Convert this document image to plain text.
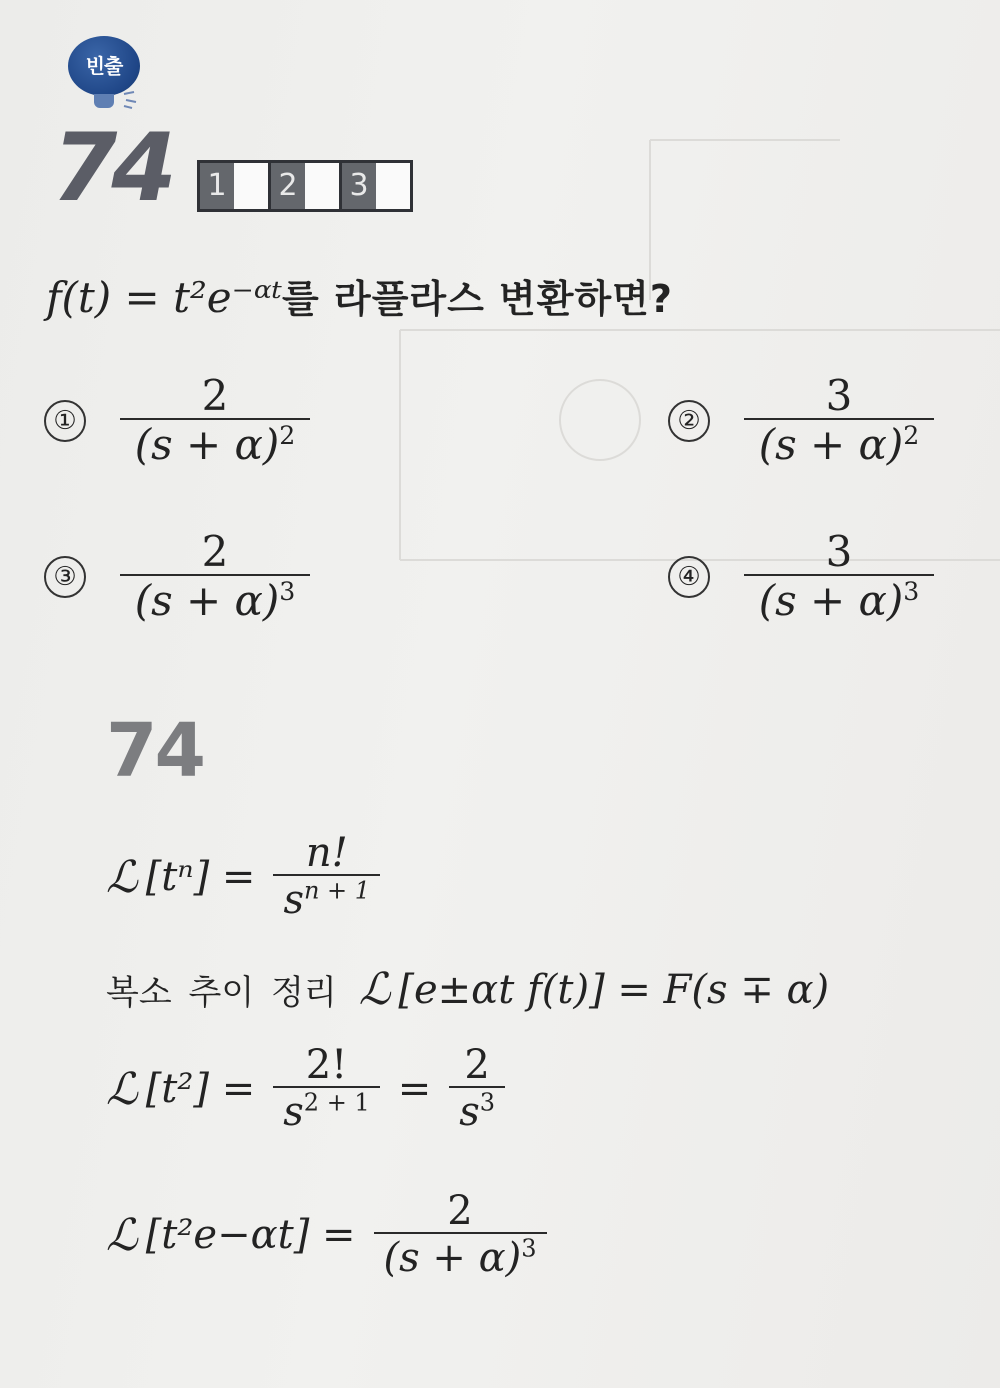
빈출
74 1 2 3
f(t) = t²e⁻ᵅᵗ를 라플라스 변환하면?
① $\frac{2}{(s + \alpha)^2}$	② $\frac{3}{(s + \alpha)^2}$
③ $\frac{2}{(s + \alpha)^3}$	④ $\frac{3}{(s + \alpha)^3}$
74
ℒ $[t^n] = \frac{n!}{s^{n + 1}}$
복소 추이 정리 ℒ [e±αt f(t)] = F(s ∓ α)
ℒ $[t^2] = \frac{2!}{s^{2 + 1}} = \frac{2}{s^3}$
ℒ $[t^2e-\alpha t] = \frac{2}{(s + \alpha)^3}$
